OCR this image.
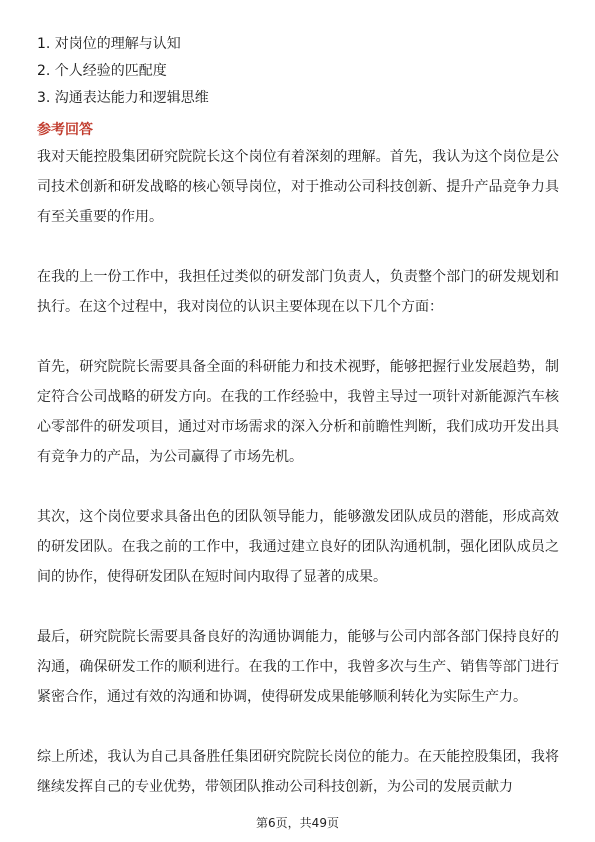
1. 对岗位的理解与认知
2. 个人经验的匹配度
3. 沟通表达能力和逻辑思维
参考回答

我对天能控股集团研究院院长这个岗位有着深刻的理解。首先，我认为这个岗位是公司技术创新和研发战略的核心领导岗位，对于推动公司科技创新、提升产品竞争力具有至关重要的作用。

在我的上一份工作中，我担任过类似的研发部门负责人，负责整个部门的研发规划和执行。在这个过程中，我对岗位的认识主要体现在以下几个方面：

首先，研究院院长需要具备全面的科研能力和技术视野，能够把握行业发展趋势，制定符合公司战略的研发方向。在我的工作经验中，我曾主导过一项针对新能源汽车核心零部件的研发项目，通过对市场需求的深入分析和前瞻性判断，我们成功开发出具有竞争力的产品，为公司赢得了市场先机。

其次，这个岗位要求具备出色的团队领导能力，能够激发团队成员的潜能，形成高效的研发团队。在我之前的工作中，我通过建立良好的团队沟通机制，强化团队成员之间的协作，使得研发团队在短时间内取得了显著的成果。

最后，研究院院长需要具备良好的沟通协调能力，能够与公司内部各部门保持良好的沟通，确保研发工作的顺利进行。在我的工作中，我曾多次与生产、销售等部门进行紧密合作，通过有效的沟通和协调，使得研发成果能够顺利转化为实际生产力。

综上所述，我认为自己具备胜任集团研究院院长岗位的能力。在天能控股集团，我将继续发挥自己的专业优势，带领团队推动公司科技创新，为公司的发展贡献力

第6页，共49页
